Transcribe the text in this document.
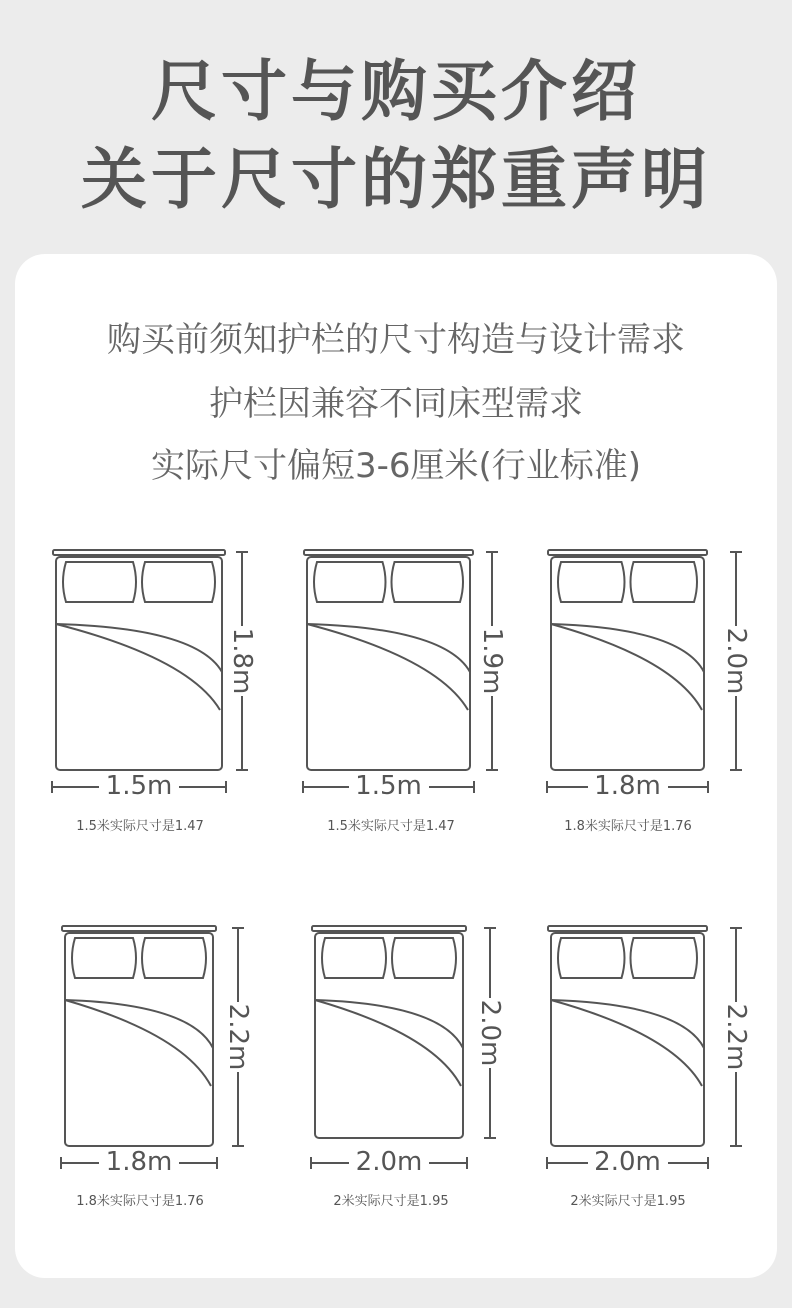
尺寸与购买介绍
关于尺寸的郑重声明
购买前须知护栏的尺寸构造与设计需求
护栏因兼容不同床型需求
实际尺寸偏短3-6厘米(行业标准)
1.8m
1.5m
1.5米实际尺寸是1.47
1.9m
1.5m
1.5米实际尺寸是1.47
2.0m
1.8m
1.8米实际尺寸是1.76
2.2m
1.8m
1.8米实际尺寸是1.76
2.0m
2.0m
2米实际尺寸是1.95
2.2m
2.0m
2米实际尺寸是1.95
